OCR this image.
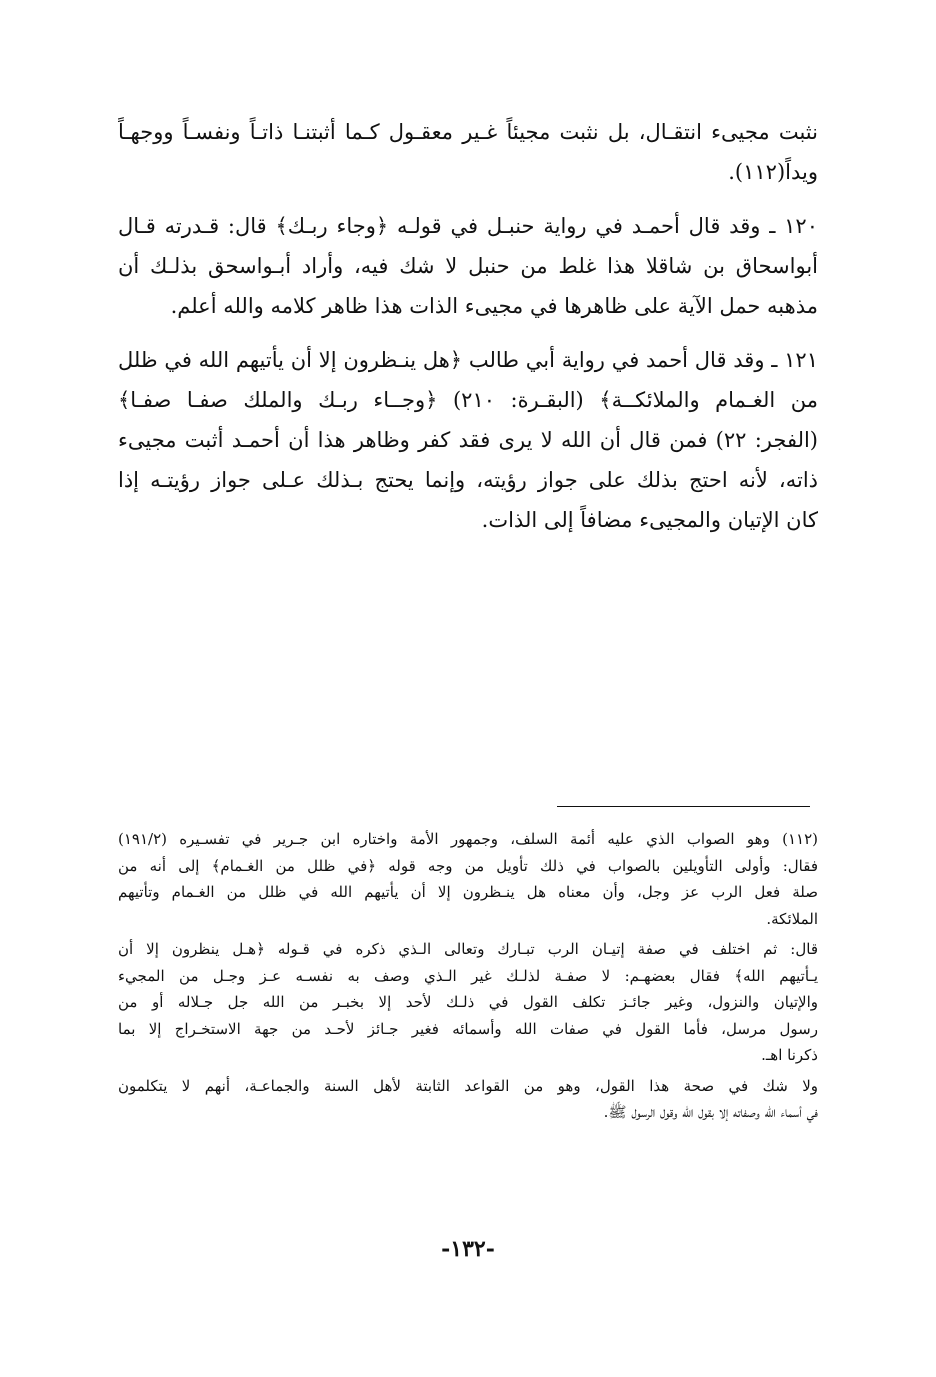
نثبت مجيىء انتقـال، بل نثبت مجيئاً غـير معقـول كـما أثبتنـا ذاتـاً ونفسـاً ووجهـاً
ويداً(١١٢).

١٢٠ ـ وقد قال أحمـد في رواية حنبـل في قولـه ﴿وجاء ربـك﴾ قال: قـدرته قـال
أبواسحاق بن شاقلا هذا غلط من حنبل لا شك فيه، وأراد أبـواسحق بذلـك أن
مذهبه حمل الآية على ظاهرها في مجيىء الذات هذا ظاهر كلامه والله أعلم.

١٢١ ـ وقد قال أحمد في رواية أبي طالب ﴿هل ينـظرون إلا أن يأتيهم الله في ظلل
من الغـمام والملائكــة﴾ (البقـرة: ٢١٠) ﴿وجــاء ربـك والملك صفـا صفـا﴾
(الفجر: ٢٢) فمن قال أن الله لا يرى فقد كفر وظاهر هذا أن أحمـد أثبت مجيىء
ذاته، لأنه احتج بذلك على جواز رؤيته، وإنما يحتج بـذلك عـلى جواز رؤيتـه إذا
كان الإتيان والمجيىء مضافاً إلى الذات.

(١١٢) وهو الصواب الذي عليه أئمة السلف، وجمهور الأمة واختاره ابن جـرير في تفسـيره (١٩١/٢)
فقال: وأولى التأويلين بالصواب في ذلك تأويل من وجه قوله ﴿في ظلل من الغـمام﴾ إلى أنه من
صلة فعل الرب عز وجل، وأن معناه هل ينـظرون إلا أن يأتيهم الله في ظلل من الغـمام وتأتيهم
الملائكة.

قال: ثم اختلف في صفة إتيـان الرب تبـارك وتعالى الـذي ذكره في قـوله ﴿هـل ينظرون إلا أن
يـأتيهم الله﴾ فقال بعضهـم: لا صفـة لذلـك غير الـذي وصف به نفسـه عـز وجـل من المجيء
والإتيان والنزول، وغير جائـز تكلف القول في ذلـك لأحد إلا بخبـر من الله جل جـلاله أو من
رسول مرسل، فأما القول في صفات الله وأسمائه فغير جـائز لأحـد من جهة الاستخـراج إلا بما
ذكرنا اهـ.

ولا شك في صحة هذا القول، وهو من القواعد الثابتة لأهل السنة والجماعـة، أنهم لا يتكلمون
في أسماء الله وصفاته إلا بقول الله وقول الرسول ﷺ.

-١٣٢-
